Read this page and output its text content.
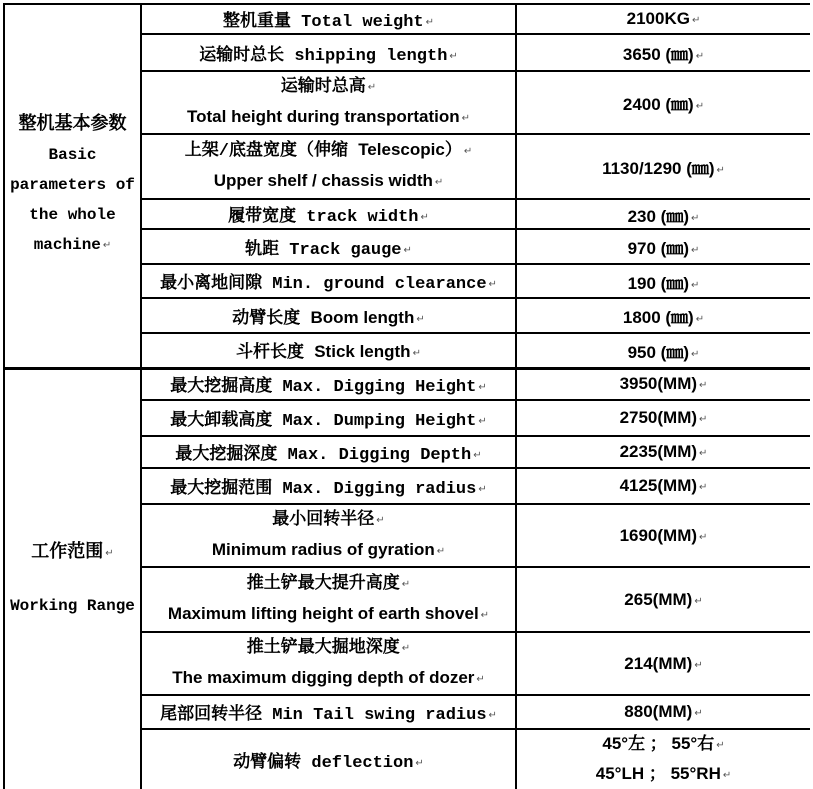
整机基本参数
Basic
parameters of
the whole
machine ↵	整机重量 Total weight ↵	2100KG ↵
	运输时总长 shipping length ↵	3650 (㎜) ↵

	运输时总高 ↵
Total height during transportation ↵	2400 (㎜) ↵

	上架/底盘宽度（伸缩 Telescopic） ↵
Upper shelf / chassis width ↵	1130/1290 (㎜) ↵
	履带宽度 track width ↵	230 (㎜) ↵
	轨距 Track gauge ↵	970 (㎜) ↵
	最小离地间隙 Min. ground clearance ↵	190 (㎜) ↵
	动臂长度 Boom length ↵	1800 (㎜) ↵
	斗杆长度 Stick length ↵	950 (㎜) ↵

工作范围 ↵
Working Range	最大挖掘高度 Max. Digging Height ↵	3950(MM) ↵
	最大卸载高度 Max. Dumping Height ↵	2750(MM) ↵
	最大挖掘深度 Max. Digging Depth ↵	2235(MM) ↵
	最大挖掘范围 Max. Digging radius ↵	4125(MM) ↵

	最小回转半径 ↵
Minimum radius of gyration ↵	1690(MM) ↵

	推土铲最大提升高度 ↵
Maximum lifting height of earth shovel ↵	265(MM) ↵

	推土铲最大掘地深度 ↵
The maximum digging depth of dozer ↵	214(MM) ↵
	尾部回转半径 Min Tail swing radius ↵	880(MM) ↵
	动臂偏转 deflection ↵	45°左 ； 55°右 ↵
45°LH ； 55°RH ↵
